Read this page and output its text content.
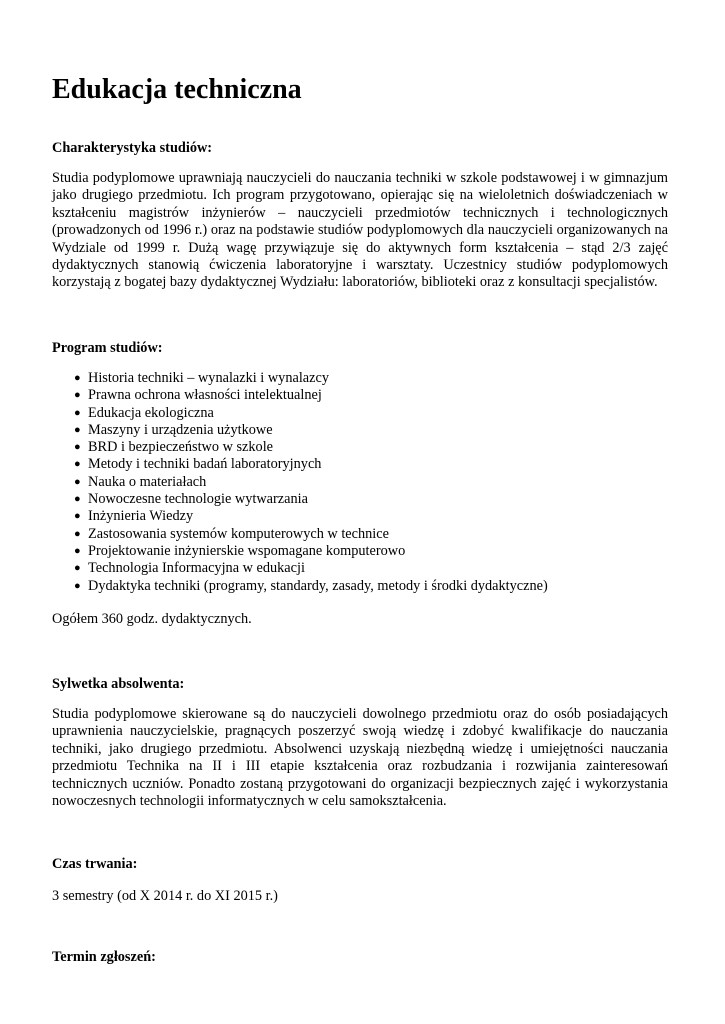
Edukacja techniczna
Charakterystyka studiów:

Studia podyplomowe uprawniają nauczycieli do nauczania techniki w szkole podstawowej i w gimnazjum jako drugiego przedmiotu. Ich program przygotowano, opierając się na wieloletnich doświadczeniach w kształceniu magistrów inżynierów – nauczycieli przedmiotów technicznych i technologicznych (prowadzonych od 1996 r.) oraz na podstawie studiów podyplomowych dla nauczycieli organizowanych na Wydziale od 1999 r. Dużą wagę przywiązuje się do aktywnych form kształcenia – stąd 2/3 zajęć dydaktycznych stanowią ćwiczenia laboratoryjne i warsztaty. Uczestnicy studiów podyplomowych korzystają z bogatej bazy dydaktycznej Wydziału: laboratoriów, biblioteki oraz z konsultacji specjalistów.

Program studiów:
● Historia techniki – wynalazki i wynalazcy
● Prawna ochrona własności intelektualnej
● Edukacja ekologiczna
● Maszyny i urządzenia użytkowe
● BRD i bezpieczeństwo w szkole
● Metody i techniki badań laboratoryjnych
● Nauka o materiałach
● Nowoczesne technologie wytwarzania
● Inżynieria Wiedzy
● Zastosowania systemów komputerowych w technice
● Projektowanie inżynierskie wspomagane komputerowo
● Technologia Informacyjna w edukacji
● Dydaktyka techniki (programy, standardy, zasady, metody i środki dydaktyczne)
Ogółem 360 godz. dydaktycznych.
Sylwetka absolwenta:

Studia podyplomowe skierowane są do nauczycieli dowolnego przedmiotu oraz do osób posiadających uprawnienia nauczycielskie, pragnących poszerzyć swoją wiedzę i zdobyć kwalifikacje do nauczania techniki, jako drugiego przedmiotu. Absolwenci uzyskają niezbędną wiedzę i umiejętności nauczania przedmiotu Technika na II i III etapie kształcenia oraz rozbudzania i rozwijania zainteresowań technicznych uczniów. Ponadto zostaną przygotowani do organizacji bezpiecznych zajęć i wykorzystania nowoczesnych technologii informatycznych w celu samokształcenia.

Czas trwania:
3 semestry (od X 2014 r. do XI 2015 r.)
Termin zgłoszeń:
